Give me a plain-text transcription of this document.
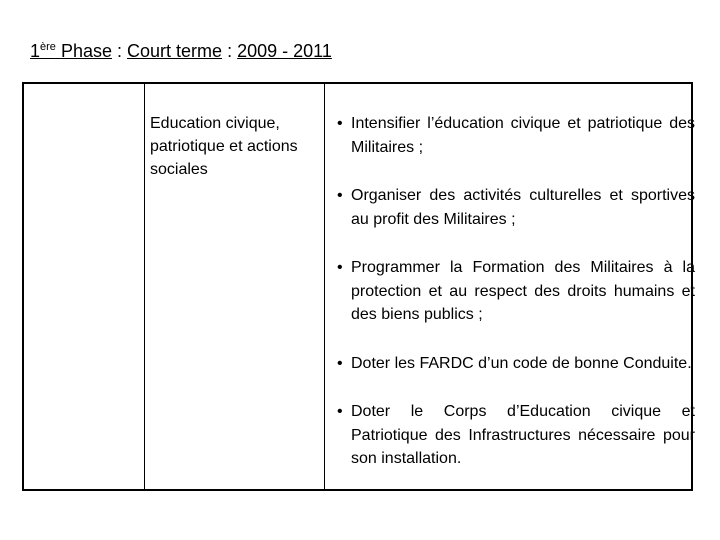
1ère Phase : Court terme : 2009 - 2011
Education civique, patriotique et actions sociales
• Intensifier l’éducation civique et patriotique des Militaires ;
• Organiser des activités culturelles et sportives au profit des Militaires ;
• Programmer la Formation des Militaires à la protection et au respect des droits humains et des biens publics ;
• Doter les FARDC d’un code de bonne Conduite.
• Doter le Corps d’Education civique et Patriotique des Infrastructures nécessaire pour son installation.
